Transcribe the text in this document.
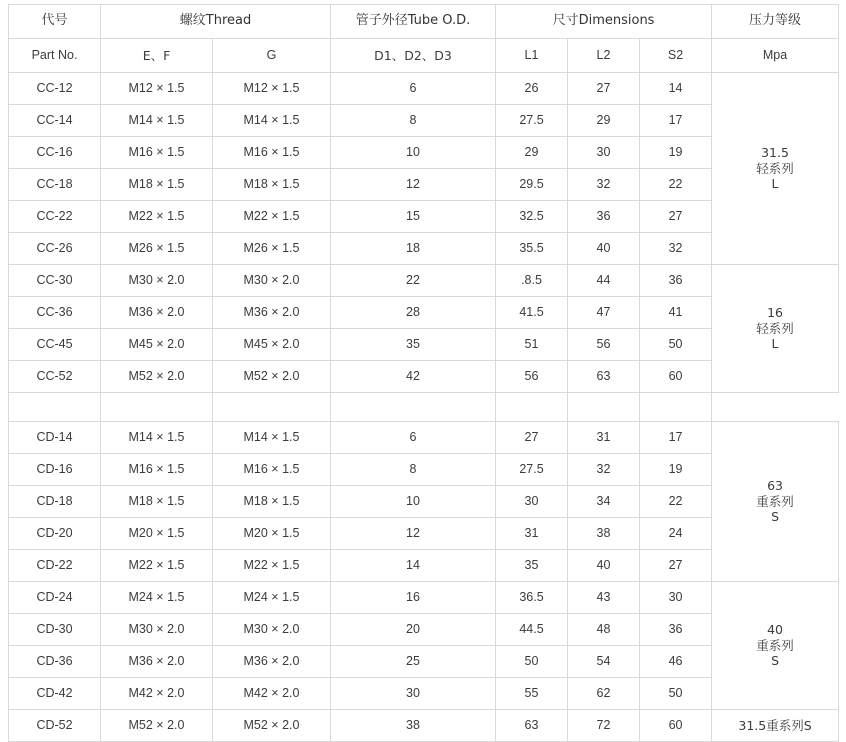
代号	螺纹Thread		管子外径Tube O.D.	尺寸Dimensions			压力等级
Part No.	E、F	G	D1、D2、D3	L1	L2	S2	Mpa
CC-12	M12 × 1.5	M12 × 1.5	6	26	27	14	31.5
轻系列
L

CC-14	M14 × 1.5	M14 × 1.5	8	27.5	29	17	
CC-16	M16 × 1.5	M16 × 1.5	10	29	30	19	
CC-18	M18 × 1.5	M18 × 1.5	12	29.5	32	22	
CC-22	M22 × 1.5	M22 × 1.5	15	32.5	36	27	
CC-26	M26 × 1.5	M26 × 1.5	18	35.5	40	32	
CC-30	M30 × 2.0	M30 × 2.0	22	.8.5	44	36	16
轻系列
L

CC-36	M36 × 2.0	M36 × 2.0	28	41.5	47	41	
CC-45	M45 × 2.0	M45 × 2.0	35	51	56	50	
CC-52	M52 × 2.0	M52 × 2.0	42	56	63	60	

CD-14	M14 × 1.5	M14 × 1.5	6	27	31	17	63
重系列
S

CD-16	M16 × 1.5	M16 × 1.5	8	27.5	32	19	
CD-18	M18 × 1.5	M18 × 1.5	10	30	34	22	
CD-20	M20 × 1.5	M20 × 1.5	12	31	38	24	
CD-22	M22 × 1.5	M22 × 1.5	14	35	40	27	
CD-24	M24 × 1.5	M24 × 1.5	16	36.5	43	30	40
重系列
S

CD-30	M30 × 2.0	M30 × 2.0	20	44.5	48	36	
CD-36	M36 × 2.0	M36 × 2.0	25	50	54	46	
CD-42	M42 × 2.0	M42 × 2.0	30	55	62	50	
CD-52	M52 × 2.0	M52 × 2.0	38	63	72	60	31.5重系列S
